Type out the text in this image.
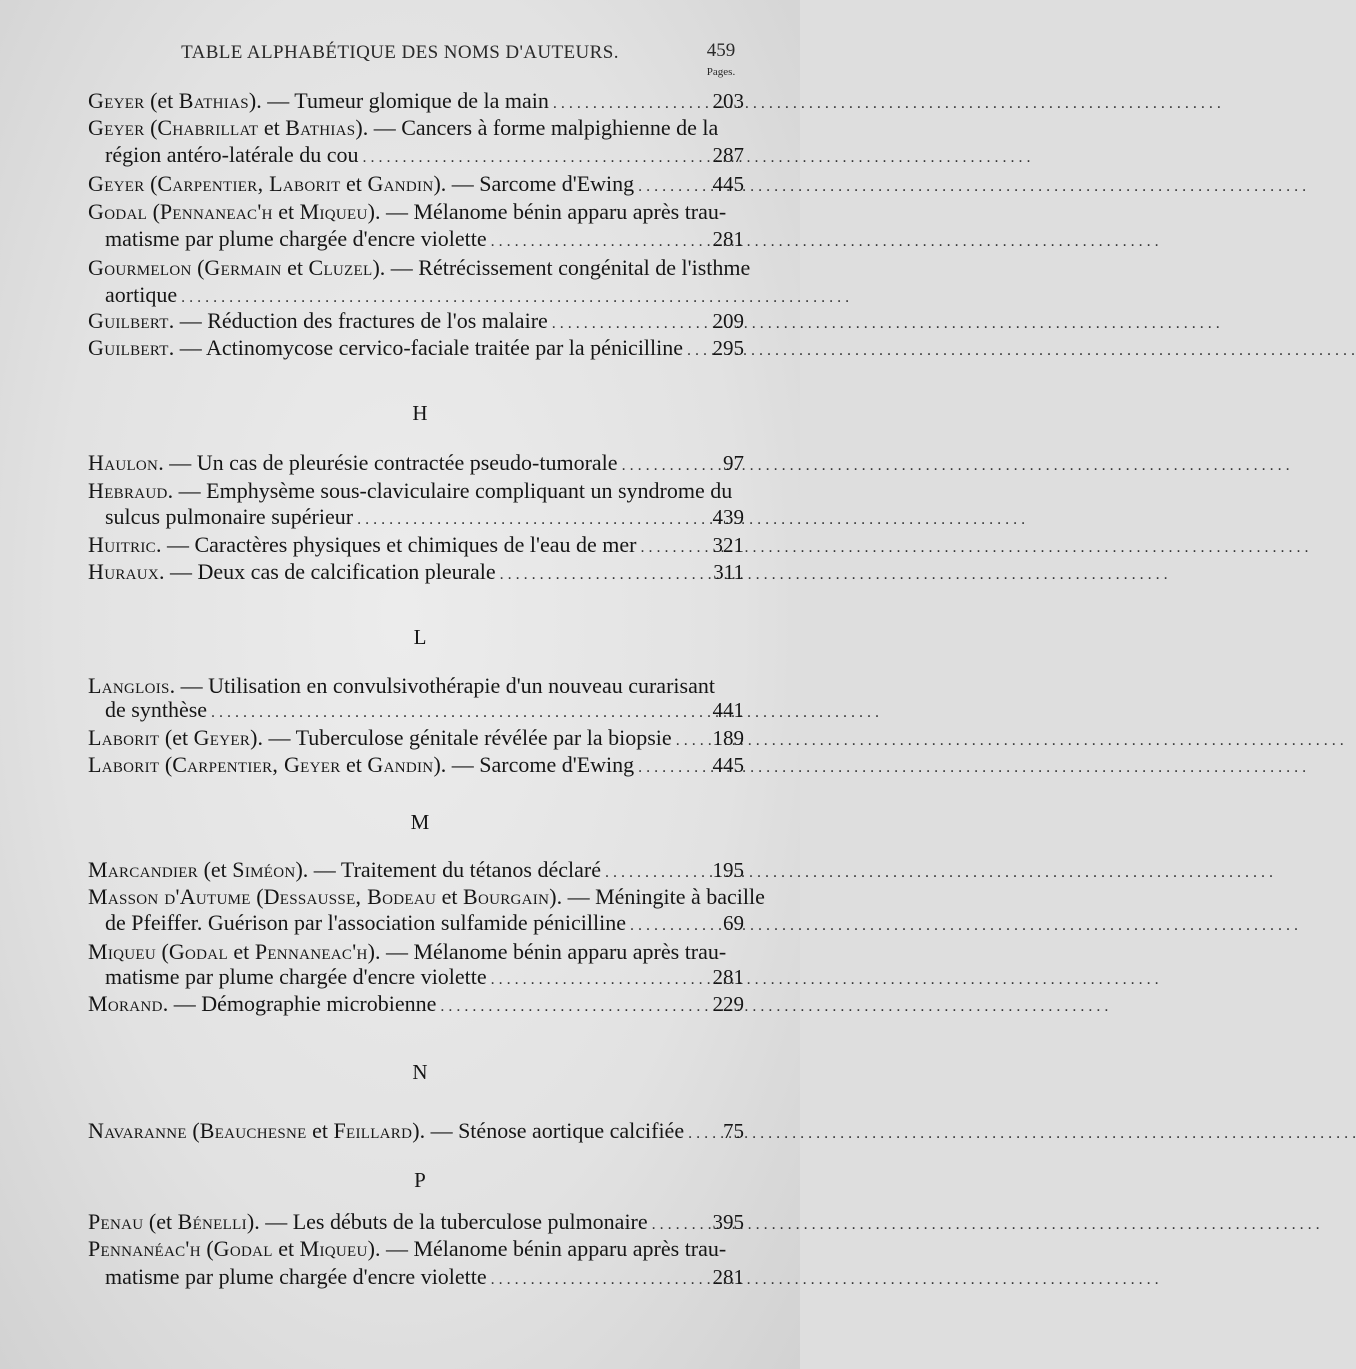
TABLE ALPHABÉTIQUE DES NOMS D'AUTEURS.	459
Pages.
Geyer (et Bathias). — Tumeur glomique de la main . . .	203
Geyer (Chabrillat et Bathias). — Cancers à forme malpighienne de la
région antéro-latérale du cou . . .	287
Geyer (Carpentier, Laborit et Gandin). — Sarcome d'Ewing . . .	445
Godal (Pennaneac'h et Miqueu). — Mélanome bénin apparu après trau-
matisme par plume chargée d'encre violette . . .	281
Gourmelon (Germain et Cluzel). — Rétrécissement congénital de l'isthme
aortique . . .
Guilbert. — Réduction des fractures de l'os malaire . . .	209
Guilbert. — Actinomycose cervico-faciale traitée par la pénicilline . . .	295
H
Haulon. — Un cas de pleurésie contractée pseudo-tumorale . . .	97
Hebraud. — Emphysème sous-claviculaire compliquant un syndrome du
sulcus pulmonaire supérieur . . .	439
Huitric. — Caractères physiques et chimiques de l'eau de mer . . .	321
Huraux. — Deux cas de calcification pleurale . . .	311
L
Langlois. — Utilisation en convulsivothérapie d'un nouveau curarisant
de synthèse . . .	441
Laborit (et Geyer). — Tuberculose génitale révélée par la biopsie . . .	189
Laborit (Carpentier, Geyer et Gandin). — Sarcome d'Ewing . . .	445
M
Marcandier (et Siméon). — Traitement du tétanos déclaré . . .	195
Masson d'Autume (Dessausse, Bodeau et Bourgain). — Méningite à bacille
de Pfeiffer. Guérison par l'association sulfamide pénicilline . . .	69
Miqueu (Godal et Pennaneac'h). — Mélanome bénin apparu après trau-
matisme par plume chargée d'encre violette . . .	281
Morand. — Démographie microbienne . . .	229
N
Navaranne (Beauchesne et Feillard). — Sténose aortique calcifiée . . .	75
P
Penau (et Bénelli). — Les débuts de la tuberculose pulmonaire . . .	395
Pennanéac'h (Godal et Miqueu). — Mélanome bénin apparu après trau-
matisme par plume chargée d'encre violette . . .	281
